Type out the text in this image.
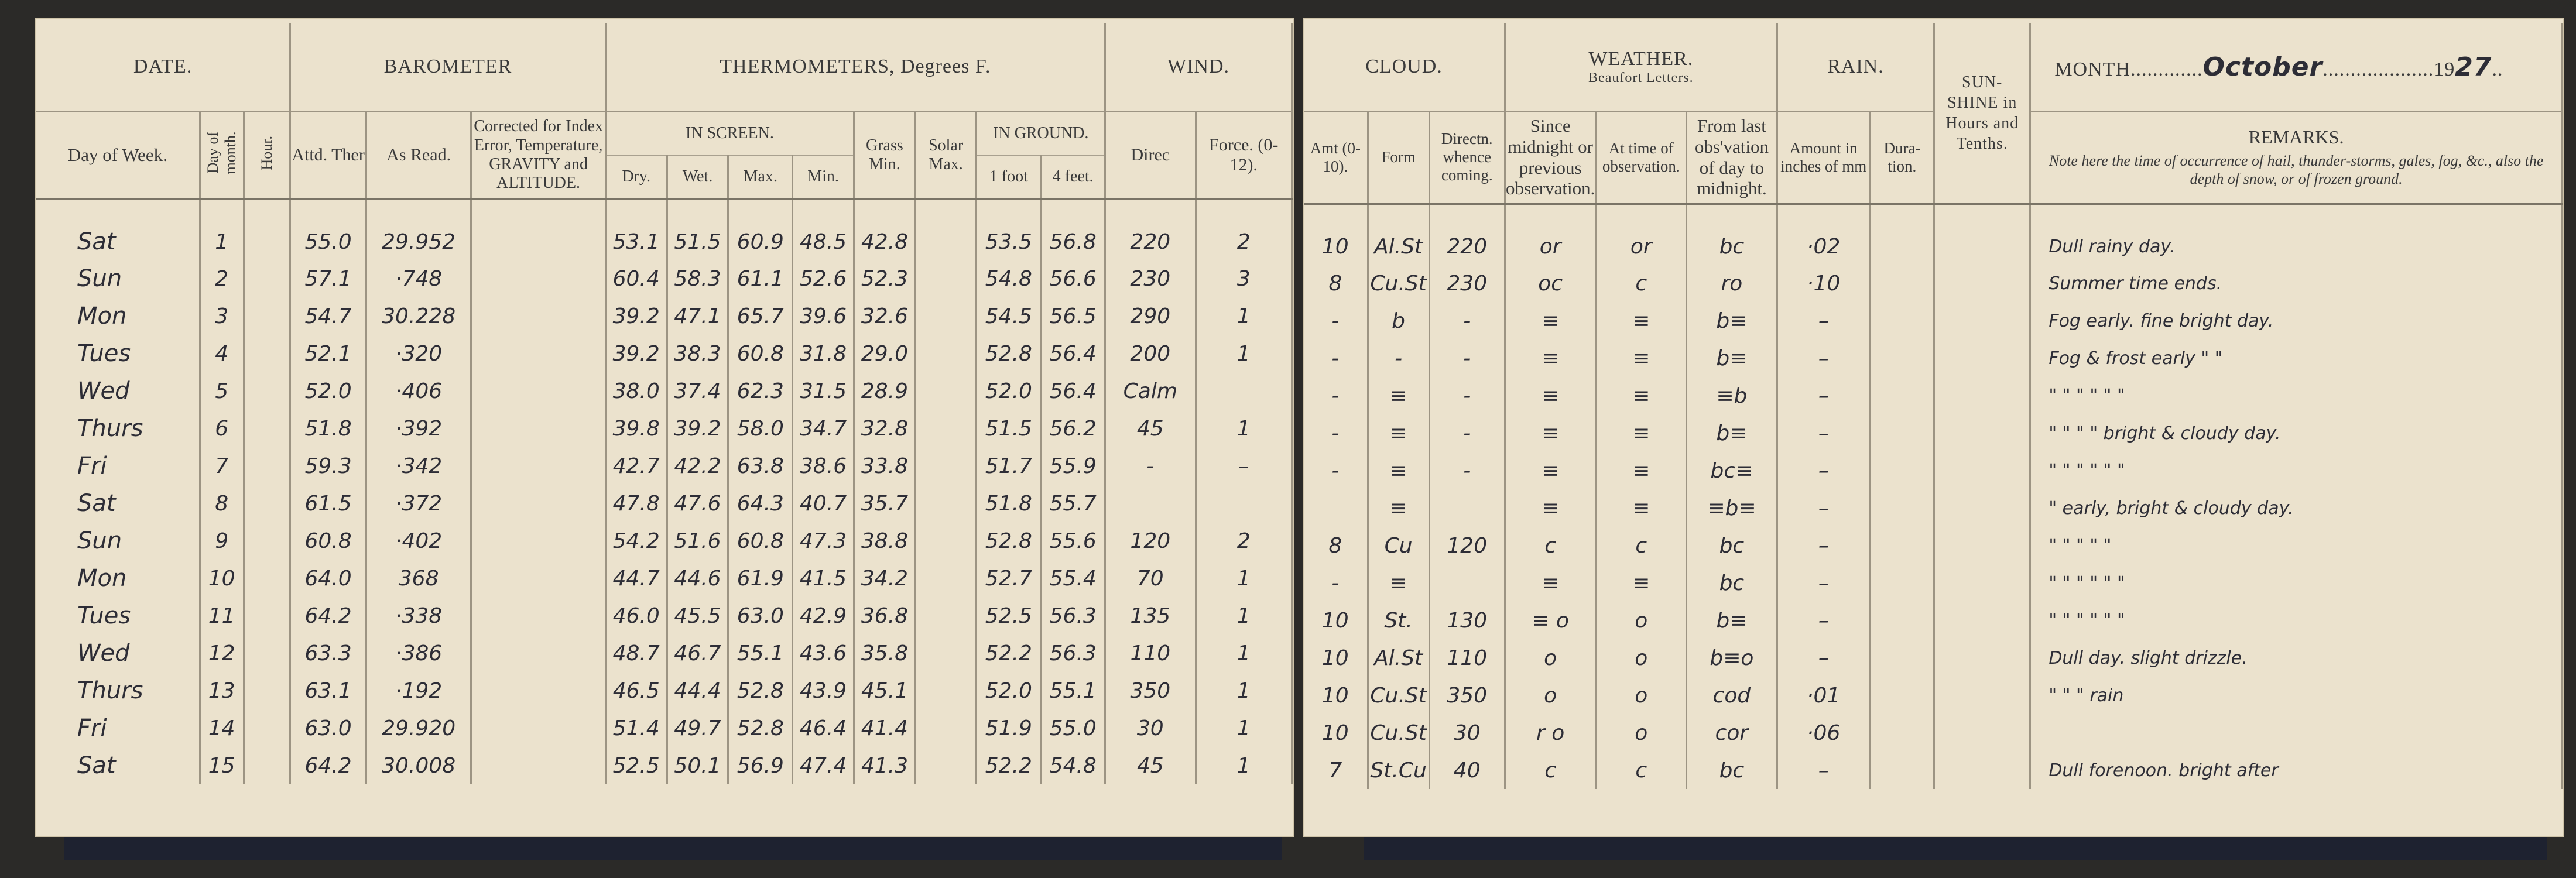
DATE.			BAROMETER			THERMOMETERS, Degrees F.								WIND.	
Day of Week.	Day of month.	Hour.	Attd. Ther	As Read.	Corrected for Index Error, Temperature, GRAVITY and ALTITUDE.	IN SCREEN.				Grass Min.	Solar Max.	IN GROUND.		Direc	Force. (0-12).
						Dry.	Wet.	Max.	Min.			1 foot	4 feet.		
Sat	1		55.0	29.952		53.1	51.5	60.9	48.5	42.8		53.5	56.8	220	2
Sun	2		57.1	·748		60.4	58.3	61.1	52.6	52.3		54.8	56.6	230	3
Mon	3		54.7	30.228		39.2	47.1	65.7	39.6	32.6		54.5	56.5	290	1
Tues	4		52.1	·320		39.2	38.3	60.8	31.8	29.0		52.8	56.4	200	1
Wed	5		52.0	·406		38.0	37.4	62.3	31.5	28.9		52.0	56.4	Calm	
Thurs	6		51.8	·392		39.8	39.2	58.0	34.7	32.8		51.5	56.2	45	1
Fri	7		59.3	·342		42.7	42.2	63.8	38.6	33.8		51.7	55.9	-	–
Sat	8		61.5	·372		47.8	47.6	64.3	40.7	35.7		51.8	55.7		
Sun	9		60.8	·402		54.2	51.6	60.8	47.3	38.8		52.8	55.6	120	2
Mon	10		64.0	368		44.7	44.6	61.9	41.5	34.2		52.7	55.4	70	1
Tues	11		64.2	·338		46.0	45.5	63.0	42.9	36.8		52.5	56.3	135	1
Wed	12		63.3	·386		48.7	46.7	55.1	43.6	35.8		52.2	56.3	110	1
Thurs	13		63.1	·192		46.5	44.4	52.8	43.9	45.1		52.0	55.1	350	1
Fri	14		63.0	29.920		51.4	49.7	52.8	46.4	41.4		51.9	55.0	30	1
Sat	15		64.2	30.008		52.5	50.1	56.9	47.4	41.3		52.2	54.8	45	1
CLOUD.			WEATHER.
Beaufort Letters.			RAIN.		SUN-SHINE in Hours and Tenths.	MONTH.............October....................1927..
Amt (0-10).	Form	Directn. whence coming.	Since midnight or previous observation.	At time of observation.	From last obs'vation of day to midnight.	Amount in inches of mm	Dura-tion.		REMARKS.
Note here the time of occurrence of hail, thunder-storms, gales, fog, &c., also the depth of snow, or of frozen ground.

10	Al.St	220	or	or	bc	·02			Dull rainy day.
8	Cu.St	230	oc	c	ro	·10			Summer time ends.
-	b	-	≡	≡	b≡	–			Fog early. fine bright day.
-	-	-	≡	≡	b≡	–			Fog & frost early " "
-	≡	-	≡	≡	≡b	–			" " " " " "
-	≡	-	≡	≡	b≡	–			" " " " bright & cloudy day.
-	≡	-	≡	≡	bc≡	–			" " " " " "
	≡		≡	≡	≡b≡	–			" early, bright & cloudy day.
8	Cu	120	c	c	bc	–			" " " " "
-	≡		≡	≡	bc	–			" " " " " "
10	St.	130	≡ o	o	b≡	–			" " " " " "
10	Al.St	110	o	o	b≡o	–			Dull day. slight drizzle.
10	Cu.St	350	o	o	cod	·01			" " " rain
10	Cu.St	30	r o	o	cor	·06			
7	St.Cu	40	c	c	bc	–			Dull forenoon. bright after
